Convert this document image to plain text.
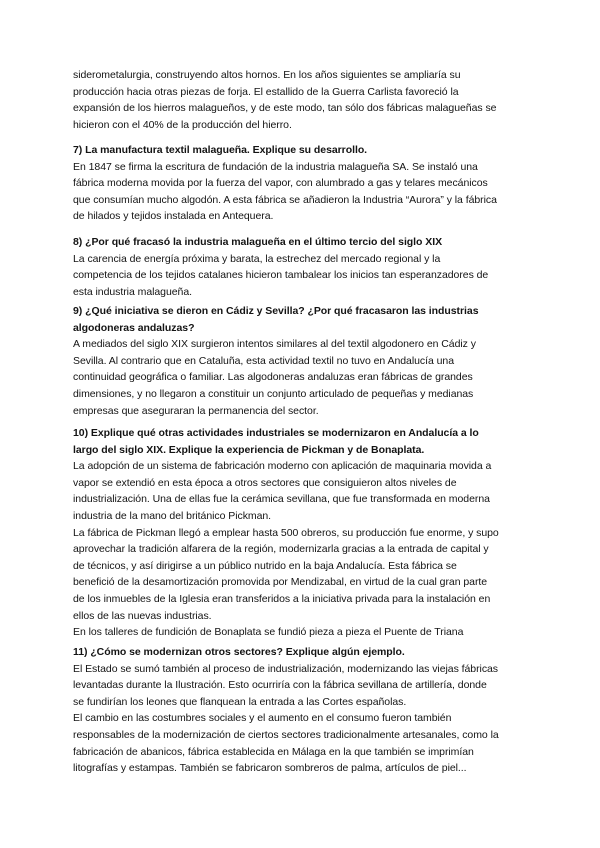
siderometalurgia, construyendo altos hornos. En los años siguientes se ampliaría su
producción hacia otras piezas de forja. El estallido de la Guerra Carlista favoreció la
expansión de los hierros malagueños, y de este modo, tan sólo dos fábricas malagueñas se
hicieron con el 40% de la producción del hierro.
7) La manufactura textil malagueña. Explique su desarrollo.
En 1847 se firma la escritura de fundación de la industria malagueña SA. Se instaló una
fábrica moderna movida por la fuerza del vapor, con alumbrado a gas y telares mecánicos
que consumían mucho algodón. A esta fábrica se añadieron la Industria “Aurora” y la fábrica
de hilados y tejidos instalada en Antequera.
8) ¿Por qué fracasó la industria malagueña en el último tercio del siglo XIX
La carencia de energía próxima y barata, la estrechez del mercado regional y la
competencia de los tejidos catalanes hicieron tambalear los inicios tan esperanzadores de
esta industria malagueña.
9) ¿Qué iniciativa se dieron en Cádiz y Sevilla? ¿Por qué fracasaron las industrias
algodoneras andaluzas?
A mediados del siglo XIX surgieron intentos similares al del textil algodonero en Cádiz y
Sevilla. Al contrario que en Cataluña, esta actividad textil no tuvo en Andalucía una
continuidad geográfica o familiar. Las algodoneras andaluzas eran fábricas de grandes
dimensiones, y no llegaron a constituir un conjunto articulado de pequeñas y medianas
empresas que aseguraran la permanencia del sector.
10) Explique qué otras actividades industriales se modernizaron en Andalucía a lo
largo del siglo XIX. Explique la experiencia de Pickman y de Bonaplata.
La adopción de un sistema de fabricación moderno con aplicación de maquinaria movida a
vapor se extendió en esta época a otros sectores que consiguieron altos niveles de
industrialización. Una de ellas fue la cerámica sevillana, que fue transformada en moderna
industria de la mano del británico Pickman.
La fábrica de Pickman llegó a emplear hasta 500 obreros, su producción fue enorme, y supo
aprovechar la tradición alfarera de la región, modernizarla gracias a la entrada de capital y
de técnicos, y así dirigirse a un público nutrido en la baja Andalucía. Esta fábrica se
benefició de la desamortización promovida por Mendizabal, en virtud de la cual gran parte
de los inmuebles de la Iglesia eran transferidos a la iniciativa privada para la instalación en
ellos de las nuevas industrias.
En los talleres de fundición de Bonaplata se fundió pieza a pieza el Puente de Triana
11) ¿Cómo se modernizan otros sectores? Explique algún ejemplo.
El Estado se sumó también al proceso de industrialización, modernizando las viejas fábricas
levantadas durante la Ilustración. Esto ocurriría con la fábrica sevillana de artillería, donde
se fundirían los leones que flanquean la entrada a las Cortes españolas.
El cambio en las costumbres sociales y el aumento en el consumo fueron también
responsables de la modernización de ciertos sectores tradicionalmente artesanales, como la
fabricación de abanicos, fábrica establecida en Málaga en la que también se imprimían
litografías y estampas. También se fabricaron sombreros de palma, artículos de piel...
